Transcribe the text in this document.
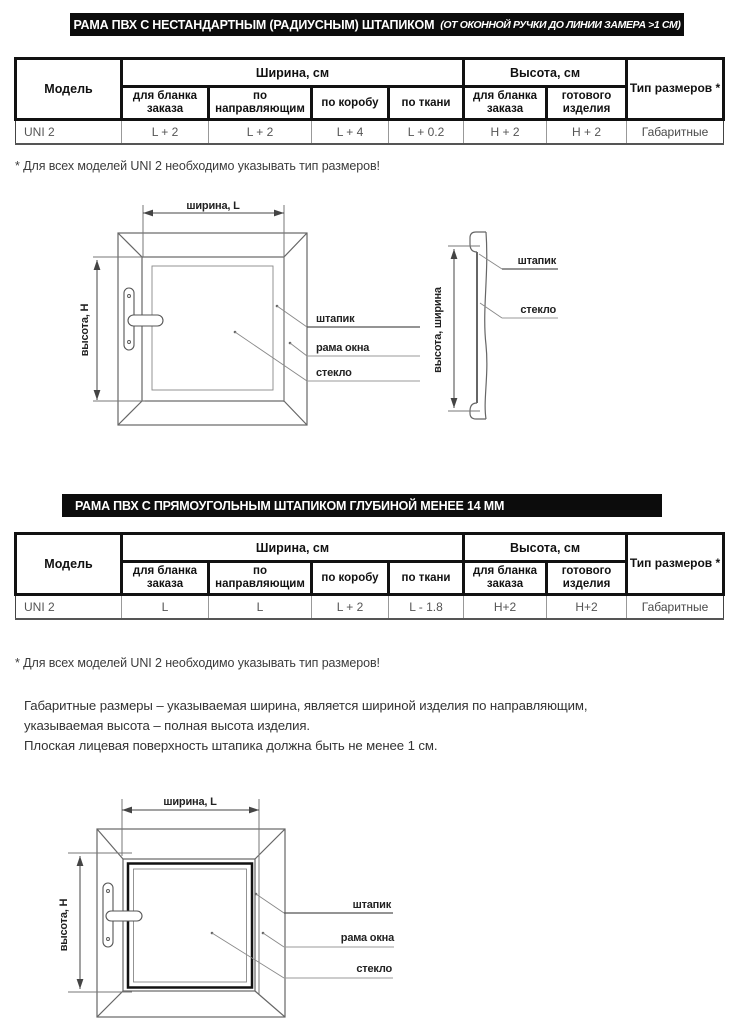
РАМА ПВХ С НЕСТАНДАРТНЫМ (РАДИУСНЫМ) ШТАПИКОМ (ОТ ОКОННОЙ РУЧКИ ДО ЛИНИИ ЗАМЕРА >1 СМ)
Модель	Ширина, см				Высота, см		Тип размеров *
	для бланка заказа	по направляющим	по коробу	по ткани	для бланка заказа	готового изделия	
UNI 2	L + 2	L + 2	L + 4	L + 0.2	H + 2	H + 2	Габаритные
* Для всех моделей UNI 2 необходимо указывать тип размеров!
ширина, L
высота, H	штапик
рама окна
стекло
высота, ширина
штапик
стекло
РАМА ПВХ С ПРЯМОУГОЛЬНЫМ ШТАПИКОМ ГЛУБИНОЙ МЕНЕЕ 14 ММ
Модель	Ширина, см				Высота, см		Тип размеров *
	для бланка заказа	по направляющим	по коробу	по ткани	для бланка заказа	готового изделия	
UNI 2	L	L	L + 2	L - 1.8	H+2	H+2	Габаритные
* Для всех моделей UNI 2 необходимо указывать тип размеров!
Габаритные размеры – указываемая ширина, является шириной изделия по направляющим, указываемая высота – полная высота изделия.
Плоская лицевая поверхность штапика должна быть не менее 1 см.
ширина, L
высота, H	штапик
рама окна
стекло
